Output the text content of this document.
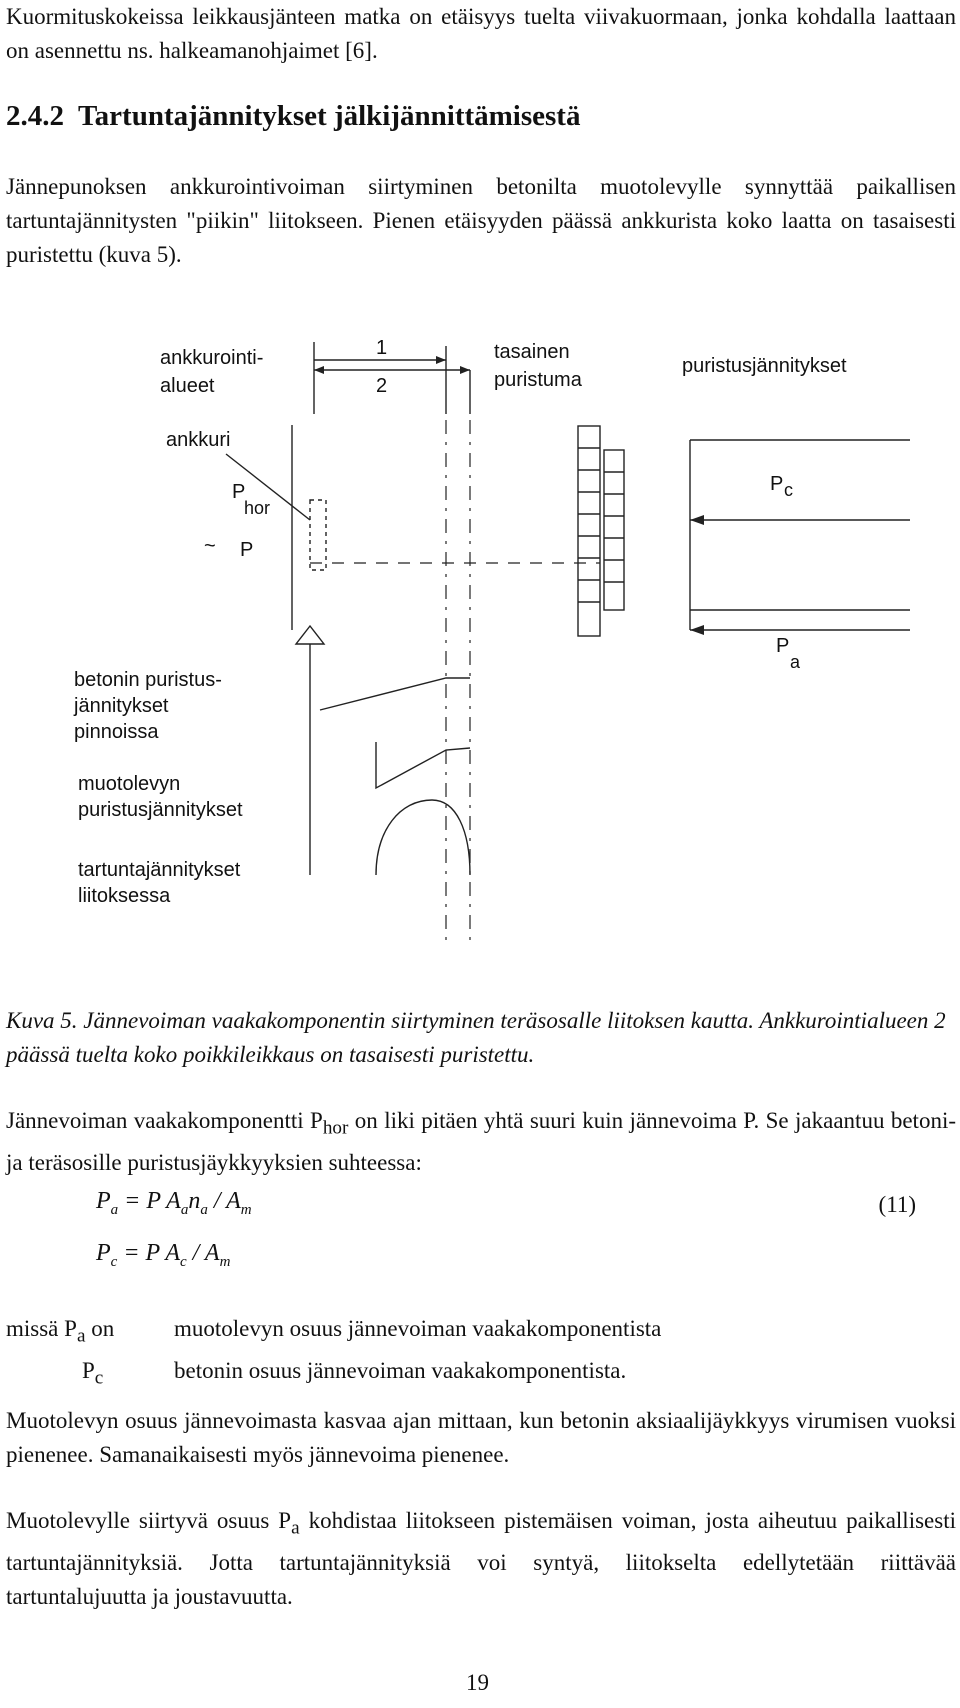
Kuormituskokeissa leikkausjänteen matka on etäisyys tuelta viivakuormaan, jonka kohdalla laattaan on asennettu ns. halkeamanohjaimet [6].
2.4.2 Tartuntajännitykset jälkijännittämisestä
Jännepunoksen ankkurointivoiman siirtyminen betonilta muotolevylle synnyttää paikallisen tartuntajännitysten "piikin" liitokseen. Pienen etäisyyden päässä ankkurista koko laatta on tasaisesti puristettu (kuva 5).
ankkurointi-
alueet
1
2
tasainen
puristuma
puristusjännitykset
P c
P
a
ankkuri
P
hor
~ P
betonin puristus-
jännitykset
pinnoissa
muotolevyn
puristusjännitykset
tartuntajännitykset
liitoksessa
Kuva 5. Jännevoiman vaakakomponentin siirtyminen teräsosalle liitoksen kautta. Ankkurointialueen 2 päässä tuelta koko poikkileikkaus on tasaisesti puristettu.
Jännevoiman vaakakomponentti $P_{hor}$ on liki pitäen yhtä suuri kuin jännevoima P. Se jakaantuu betoni- ja teräsosille puristusjäykkyyksien suhteessa:
$P_a = P$ $A_an_a / A_m$
$P_c = P$ $A_c / A_m$
(11)
missä $P_a$ on	muotolevyn osuus jännevoiman vaakakomponentista
$P_c$	betonin osuus jännevoiman vaakakomponentista.
Muotolevyn osuus jännevoimasta kasvaa ajan mittaan, kun betonin aksiaalijäykkyys virumisen vuoksi pienenee. Samanaikaisesti myös jännevoima pienenee.
Muotolevylle siirtyvä osuus $P_a$ kohdistaa liitokseen pistemäisen voiman, josta aiheutuu paikallisesti tartuntajännityksiä. Jotta tartuntajännityksiä voi syntyä, liitokselta edellytetään riittävää tartuntalujuutta ja joustavuutta.
19
